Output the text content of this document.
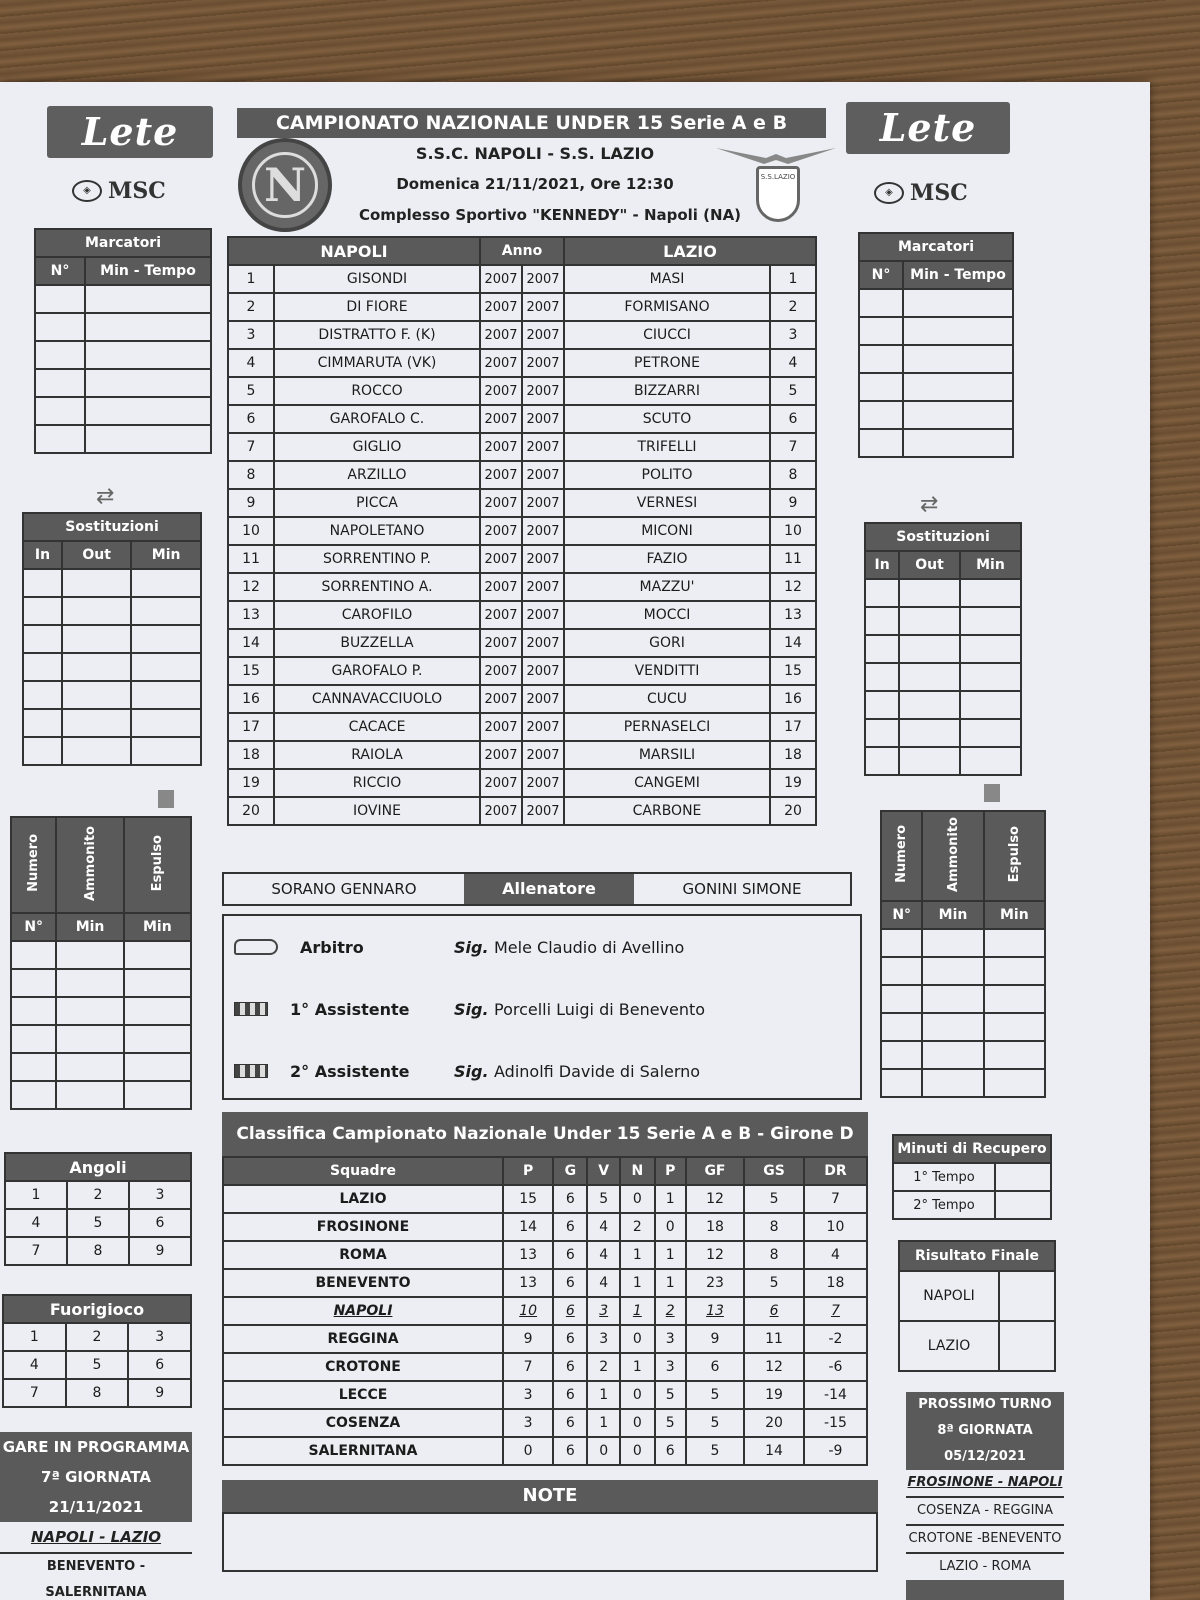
Lete
◈ MSC
Lete
◈ MSC
CAMPIONATO NAZIONALE UNDER 15 Serie A e B
N	S.S.LAZIO
S.S.C. NAPOLI - S.S. LAZIO
Domenica 21/11/2021, Ore 12:30
Complesso Sportivo "KENNEDY" - Napoli (NA)
NAPOLI		Anno		LAZIO	
1	GISONDI	2007	2007	MASI	1
2	DI FIORE	2007	2007	FORMISANO	2
3	DISTRATTO F. (K)	2007	2007	CIUCCI	3
4	CIMMARUTA (VK)	2007	2007	PETRONE	4
5	ROCCO	2007	2007	BIZZARRI	5
6	GAROFALO C.	2007	2007	SCUTO	6
7	GIGLIO	2007	2007	TRIFELLI	7
8	ARZILLO	2007	2007	POLITO	8
9	PICCA	2007	2007	VERNESI	9
10	NAPOLETANO	2007	2007	MICONI	10
11	SORRENTINO P.	2007	2007	FAZIO	11
12	SORRENTINO A.	2007	2007	MAZZU'	12
13	CAROFILO	2007	2007	MOCCI	13
14	BUZZELLA	2007	2007	GORI	14
15	GAROFALO P.	2007	2007	VENDITTI	15
16	CANNAVACCIUOLO	2007	2007	CUCU	16
17	CACACE	2007	2007	PERNASELCI	17
18	RAIOLA	2007	2007	MARSILI	18
19	RICCIO	2007	2007	CANGEMI	19
20	IOVINE	2007	2007	CARBONE	20
Marcatori	
N°	Min - Tempo

⇄
Sostituzioni		
In	Out	Min

Numero	Ammonito	Espulso
N°	Min	Min

Angoli		
1	2	3
4	5	6
7	8	9
Fuorigioco		
1	2	3
4	5	6
7	8	9
GARE IN PROGRAMMA
7ª GIORNATA
21/11/2021
NAPOLI - LAZIO
BENEVENTO - SALERNITANA
Marcatori	
N°	Min - Tempo

⇄
Sostituzioni		
In	Out	Min

Numero	Ammonito	Espulso
N°	Min	Min

Minuti di Recupero	
1° Tempo	
2° Tempo	
Risultato Finale	
NAPOLI	
LAZIO	
PROSSIMO TURNO
8ª GIORNATA
05/12/2021
FROSINONE - NAPOLI
COSENZA - REGGINA
CROTONE -BENEVENTO
LAZIO - ROMA
SORANO GENNARO	Allenatore	GONINI SIMONE
Arbitro	Sig. Mele Claudio di Avellino
1° Assistente	Sig. Porcelli Luigi di Benevento
2° Assistente	Sig. Adinolfi Davide di Salerno
Classifica Campionato Nazionale Under 15 Serie A e B - Girone D
Squadre	P	G	V	N	P	GF	GS	DR
LAZIO	15	6	5	0	1	12	5	7
FROSINONE	14	6	4	2	0	18	8	10
ROMA	13	6	4	1	1	12	8	4
BENEVENTO	13	6	4	1	1	23	5	18
NAPOLI	10	6	3	1	2	13	6	7
REGGINA	9	6	3	0	3	9	11	-2
CROTONE	7	6	2	1	3	6	12	-6
LECCE	3	6	1	0	5	5	19	-14
COSENZA	3	6	1	0	5	5	20	-15
SALERNITANA	0	6	0	0	6	5	14	-9
NOTE
